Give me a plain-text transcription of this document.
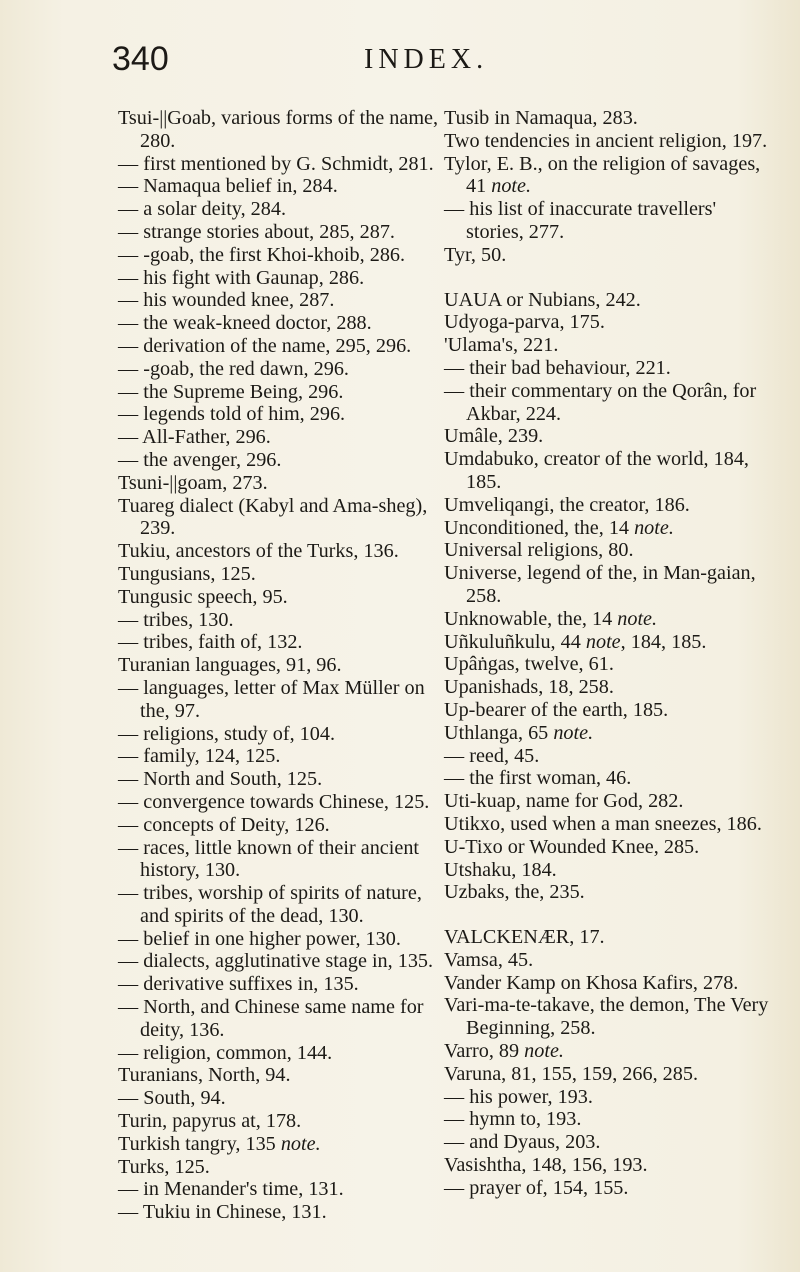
340	INDEX.

Tsui-||Goab, various forms of the name, 280.

— first mentioned by G. Schmidt, 281.

— Namaqua belief in, 284.

— a solar deity, 284.

— strange stories about, 285, 287.

— -goab, the first Khoi-khoib, 286.

— his fight with Gaunap, 286.

— his wounded knee, 287.

— the weak-kneed doctor, 288.

— derivation of the name, 295, 296.

— -goab, the red dawn, 296.

— the Supreme Being, 296.

— legends told of him, 296.

— All-Father, 296.

— the avenger, 296.

Tsuni-||goam, 273.

Tuareg dialect (Kabyl and Ama-sheg), 239.

Tukiu, ancestors of the Turks, 136.

Tungusians, 125.

Tungusic speech, 95.

— tribes, 130.

— tribes, faith of, 132.

Turanian languages, 91, 96.

— languages, letter of Max Müller on the, 97.

— religions, study of, 104.

— family, 124, 125.

— North and South, 125.

— convergence towards Chinese, 125.

— concepts of Deity, 126.

— races, little known of their ancient history, 130.

— tribes, worship of spirits of nature, and spirits of the dead, 130.

— belief in one higher power, 130.

— dialects, agglutinative stage in, 135.

— derivative suffixes in, 135.

— North, and Chinese same name for deity, 136.

— religion, common, 144.

Turanians, North, 94.

— South, 94.

Turin, papyrus at, 178.

Turkish tangry, 135 note.

Turks, 125.

— in Menander's time, 131.

— Tukiu in Chinese, 131.

Tusib in Namaqua, 283.

Two tendencies in ancient religion, 197.

Tylor, E. B., on the religion of savages, 41 note.

— his list of inaccurate travellers' stories, 277.

Tyr, 50.

UAUA or Nubians, 242.

Udyoga-parva, 175.

'Ulama's, 221.

— their bad behaviour, 221.

— their commentary on the Qorân, for Akbar, 224.

Umâle, 239.

Umdabuko, creator of the world, 184, 185.

Umveliqangi, the creator, 186.

Unconditioned, the, 14 note.

Universal religions, 80.

Universe, legend of the, in Man-gaian, 258.

Unknowable, the, 14 note.

Uñkuluñkulu, 44 note, 184, 185.

Upâṅgas, twelve, 61.

Upanishads, 18, 258.

Up-bearer of the earth, 185.

Uthlanga, 65 note.

— reed, 45.

— the first woman, 46.

Uti-kuap, name for God, 282.

Utikxo, used when a man sneezes, 186.

U-Tixo or Wounded Knee, 285.

Utshaku, 184.

Uzbaks, the, 235.

VALCKENÆR, 17.

Vamsa, 45.

Vander Kamp on Khosa Kafirs, 278.

Vari-ma-te-takave, the demon, The Very Beginning, 258.

Varro, 89 note.

Varuna, 81, 155, 159, 266, 285.

— his power, 193.

— hymn to, 193.

— and Dyaus, 203.

Vasishtha, 148, 156, 193.

— prayer of, 154, 155.
